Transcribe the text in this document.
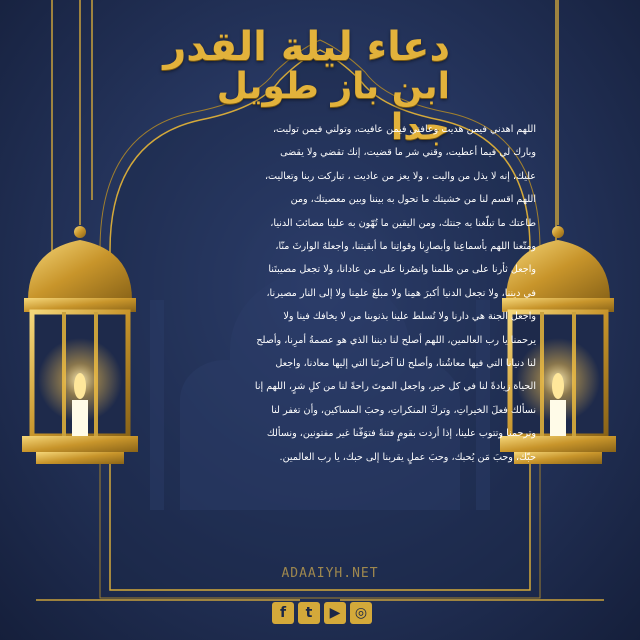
دعاء ليلة القدر
ابن باز طويل جدا
اللهم اهدني فيمن هديت وعافني فيمن عافيت، وتولني فيمن توليت،
وبارك لي فيما أعطيت، وقني شر ما قضيت، إنك تقضي ولا يقضى
عليك، إنه لا يذل من واليت ، ولا يعز من عاديت ، تباركت ربنا وتعاليت،
اللهم اقسم لنا من خشيتك ما تحول به بيننا وبين معصيتك، ومن
طاعتك ما تبلّغنا به جنتك، ومن اليقين ما تُهّون به علينا مصائبَ الدنيا،
ومتّعنا اللهم بأسماعِنا وأبصارِنا وقواتِنا ما أبقيتنا، واجعلهُ الوارثَ منّا،
واجعل ثأرنا على من ظلمنا وانصُرنا على من عادانا، ولا تجعل مصيبتَنا
في ديننا، ولا تجعل الدنيا أكبرَ همِنا ولا مبلغَ علمِنا ولا إلى النار مصيرنا،
واجعل الجنة هي دارنا ولا تُسلط علينا بذنوبنا من لا يخافك فينا ولا
يرحمنا يا رب العالمين، اللهم أصلح لنا ديننا الذي هو عصمةُ أمرِنا، وأصلح
لنا دنيانا التي فيها معاشُنا، وأصلح لنا آخرتَنا التي إليها معادنا، واجعل
الحياة زيادةً لنا في كل خير، واجعل الموتَ راحةً لنا من كلِ شرٍ، اللهم إنا
نسألك فعلَ الخيراتِ، وتركَ المنكراتِ، وحبَ المساكين، وأن تغفر لنا
وترحمنا وتتوب علينا، إذا أردت بقومٍ فتنةً فتوَفّنا غير مفتونين، ونسألك
حبّك، وحبَ مَن يُحبك، وحبَ عملٍ يقربنا إلى حبك، يا رب العالمين.
ADAAIYH.NET
f	t	▶	◎
